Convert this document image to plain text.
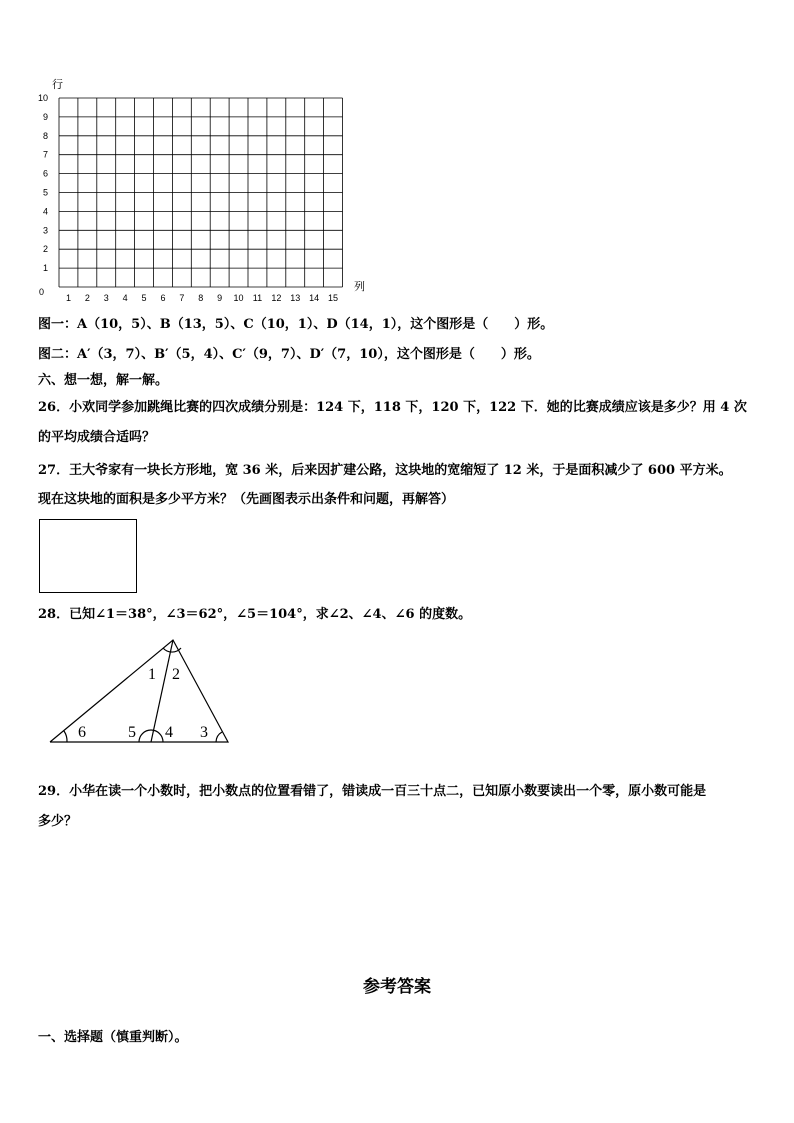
1
2
3
4
5
6
7
8
9
10
1 2 3 4 5 6 7 8 9 10 11 12 13 14 15
行
列
0
图一：A（10，5）、B（13，5）、C（10，1）、D（14，1），这个图形是（　　）形。
图二：A′（3，7）、B′（5，4）、C′（9，7）、D′（7，10），这个图形是（　　）形。
六、想一想，解一解。
26．小欢同学参加跳绳比赛的四次成绩分别是：124 下，118 下，120 下，122 下．她的比赛成绩应该是多少？用 4 次
的平均成绩合适吗？
27．王大爷家有一块长方形地，宽 36 米，后来因扩建公路，这块地的宽缩短了 12 米，于是面积减少了 600 平方米。
现在这块地的面积是多少平方米？（先画图表示出条件和问题，再解答）
28．已知∠1＝38°，∠3＝62°，∠5＝104°，求∠2、∠4、∠6 的度数。
1 2
6	5 4 3
29．小华在读一个小数时，把小数点的位置看错了，错读成一百三十点二，已知原小数要读出一个零，原小数可能是
多少？
参考答案
一、选择题（慎重判断）。
